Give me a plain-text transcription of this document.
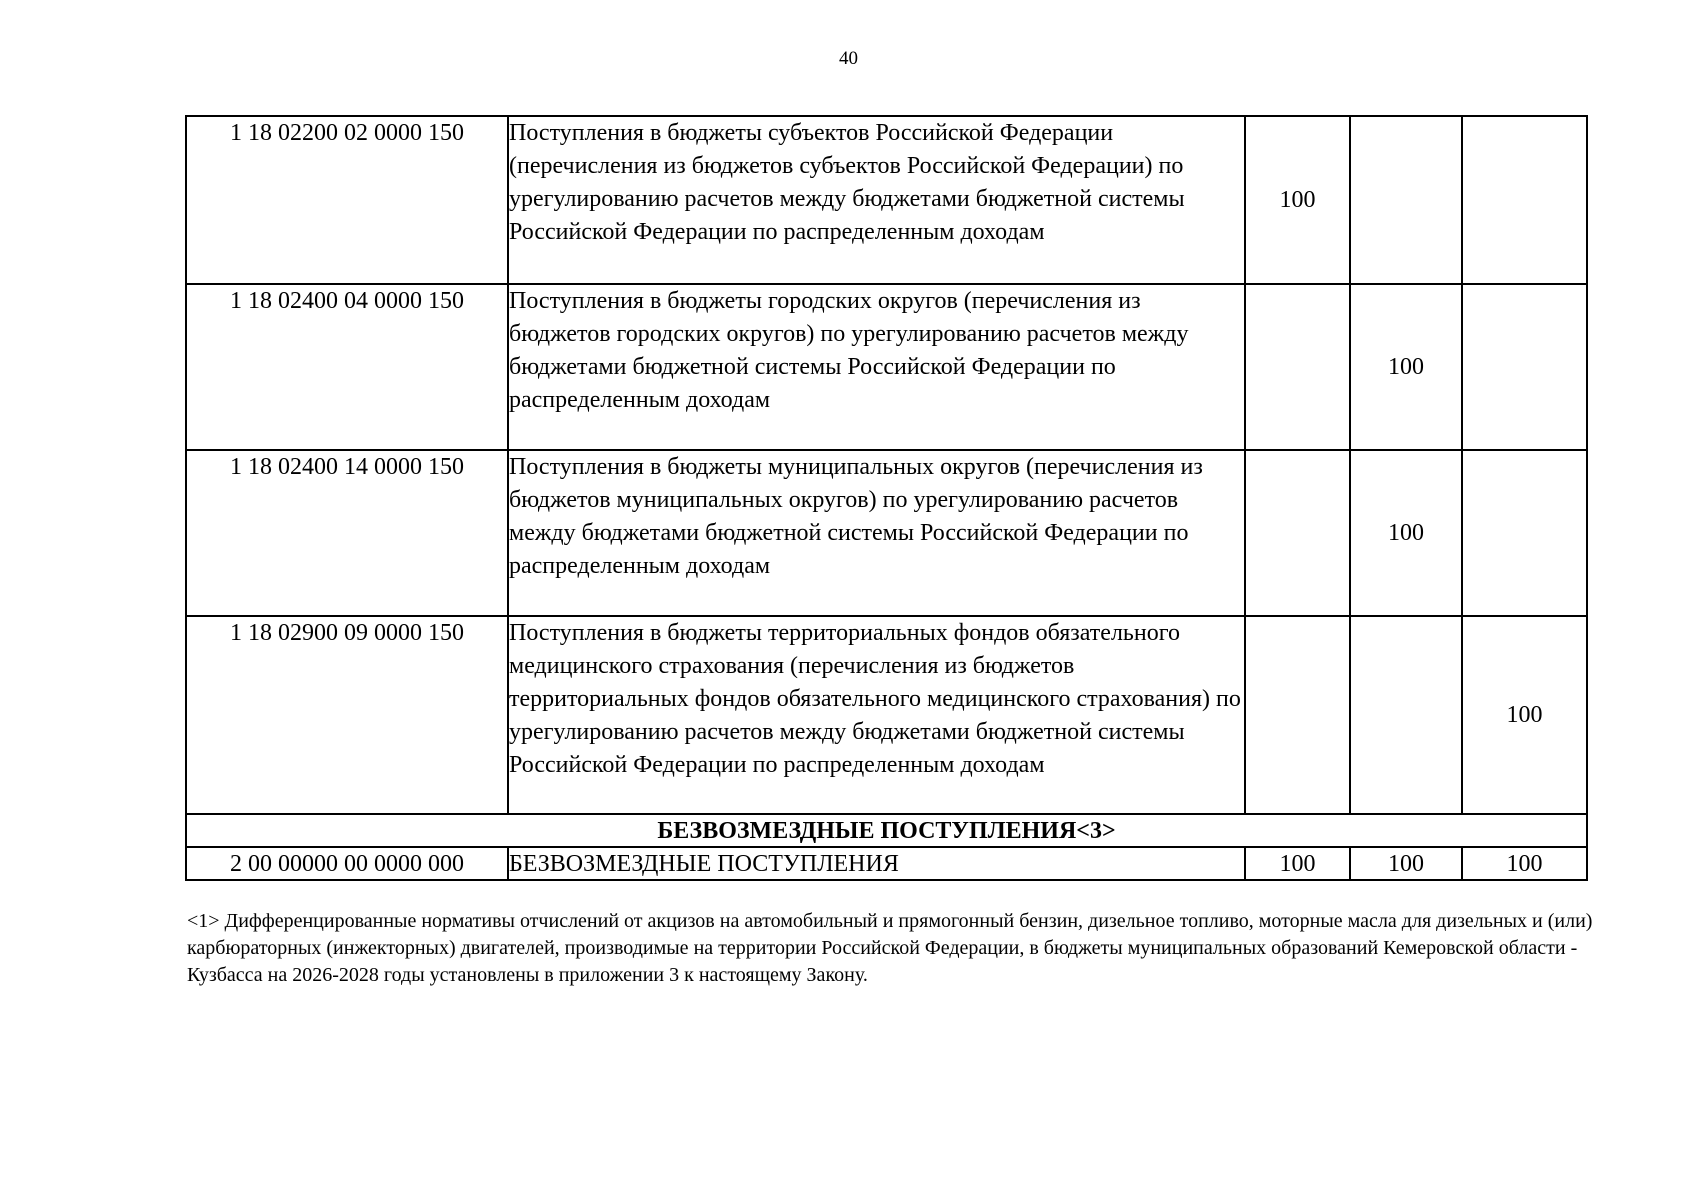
40
1 18 02200 02 0000 150	Поступления в бюджеты субъектов Российской Федерации (перечисления из бюджетов субъектов Российской Федерации) по урегулированию расчетов между бюджетами бюджетной системы Российской Федерации по распределенным доходам	100		
1 18 02400 04 0000 150	Поступления в бюджеты городских округов (перечисления из бюджетов городских округов) по урегулированию расчетов между бюджетами бюджетной системы Российской Федерации по распределенным доходам		100	
1 18 02400 14 0000 150	Поступления в бюджеты муниципальных округов (перечисления из бюджетов муниципальных округов) по урегулированию расчетов между бюджетами бюджетной системы Российской Федерации по распределенным доходам		100	
1 18 02900 09 0000 150	Поступления в бюджеты территориальных фондов обязательного медицинского страхования (перечисления из бюджетов территориальных фондов обязательного медицинского страхования) по урегулированию расчетов между бюджетами бюджетной системы Российской Федерации по распределенным доходам			100
БЕЗВОЗМЕЗДНЫЕ ПОСТУПЛЕНИЯ<3>				
2 00 00000 00 0000 000	БЕЗВОЗМЕЗДНЫЕ ПОСТУПЛЕНИЯ	100	100	100
<1> Дифференцированные нормативы отчислений от акцизов на автомобильный и прямогонный бензин, дизельное топливо, моторные масла для дизельных и (или) карбюраторных (инжекторных) двигателей, производимые на территории Российской Федерации, в бюджеты муниципальных образований Кемеровской области - Кузбасса на 2026-2028 годы установлены в приложении 3 к настоящему Закону.
